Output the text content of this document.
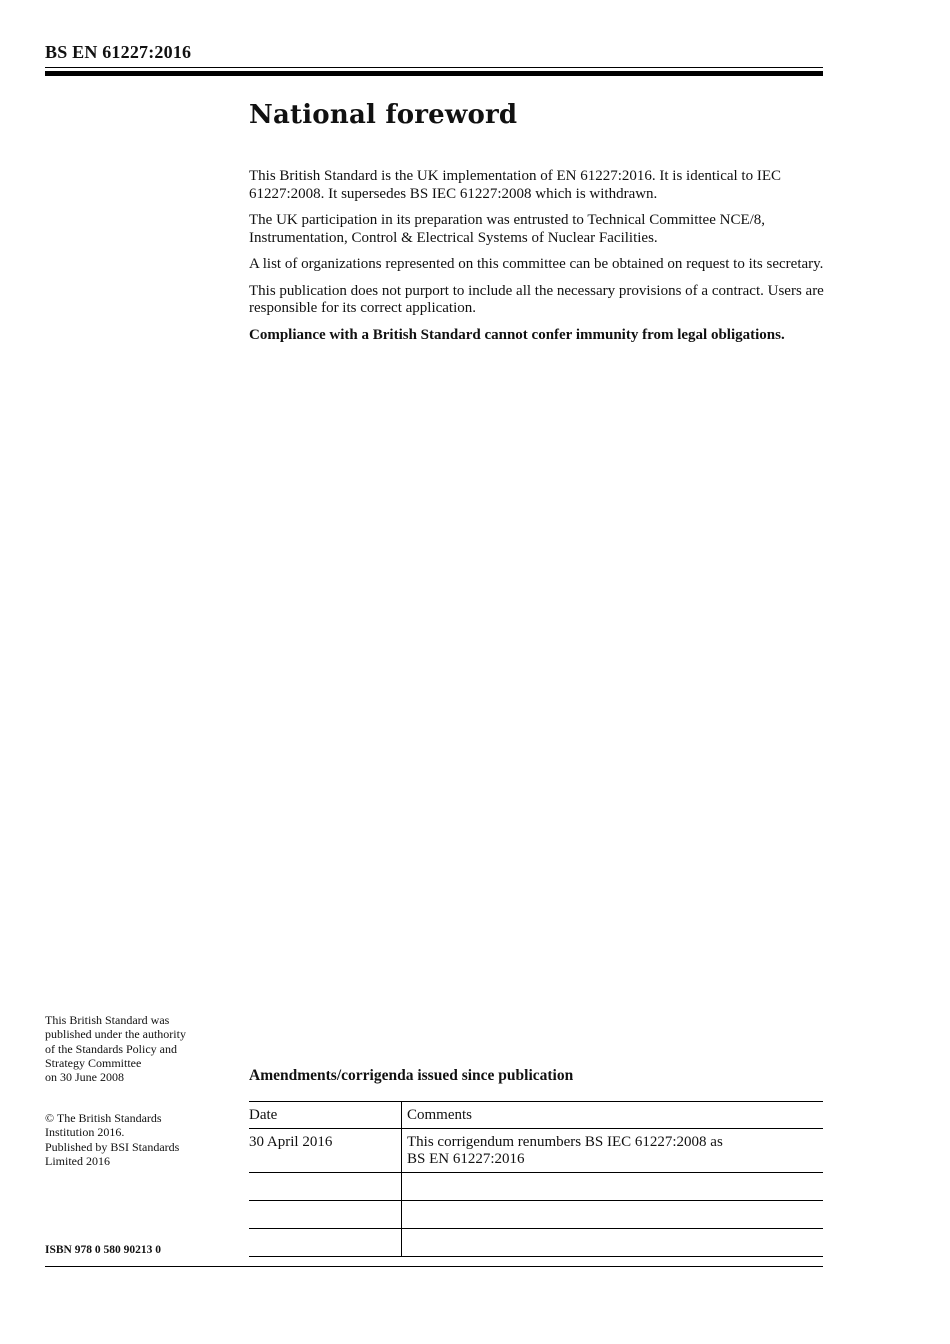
BS EN 61227:2016
National foreword

This British Standard is the UK implementation of EN 61227:2016. It is identical to IEC 61227:2008. It supersedes BS IEC 61227:2008 which is withdrawn.

The UK participation in its preparation was entrusted to Technical Committee NCE/8, Instrumentation, Control & Electrical Systems of Nuclear Facilities.

A list of organizations represented on this committee can be obtained on request to its secretary.

This publication does not purport to include all the necessary provisions of a contract. Users are responsible for its correct application.

Compliance with a British Standard cannot confer immunity from legal obligations.

This British Standard was
published under the authority
of the Standards Policy and
Strategy Committee
on 30 June 2008
© The British Standards
Institution 2016.
Published by BSI Standards
Limited 2016
ISBN 978 0 580 90213 0
Amendments/corrigenda issued since publication
Date	Comments
30 April 2016	This corrigendum renumbers BS IEC 61227:2008 as
BS EN 61227:2016
